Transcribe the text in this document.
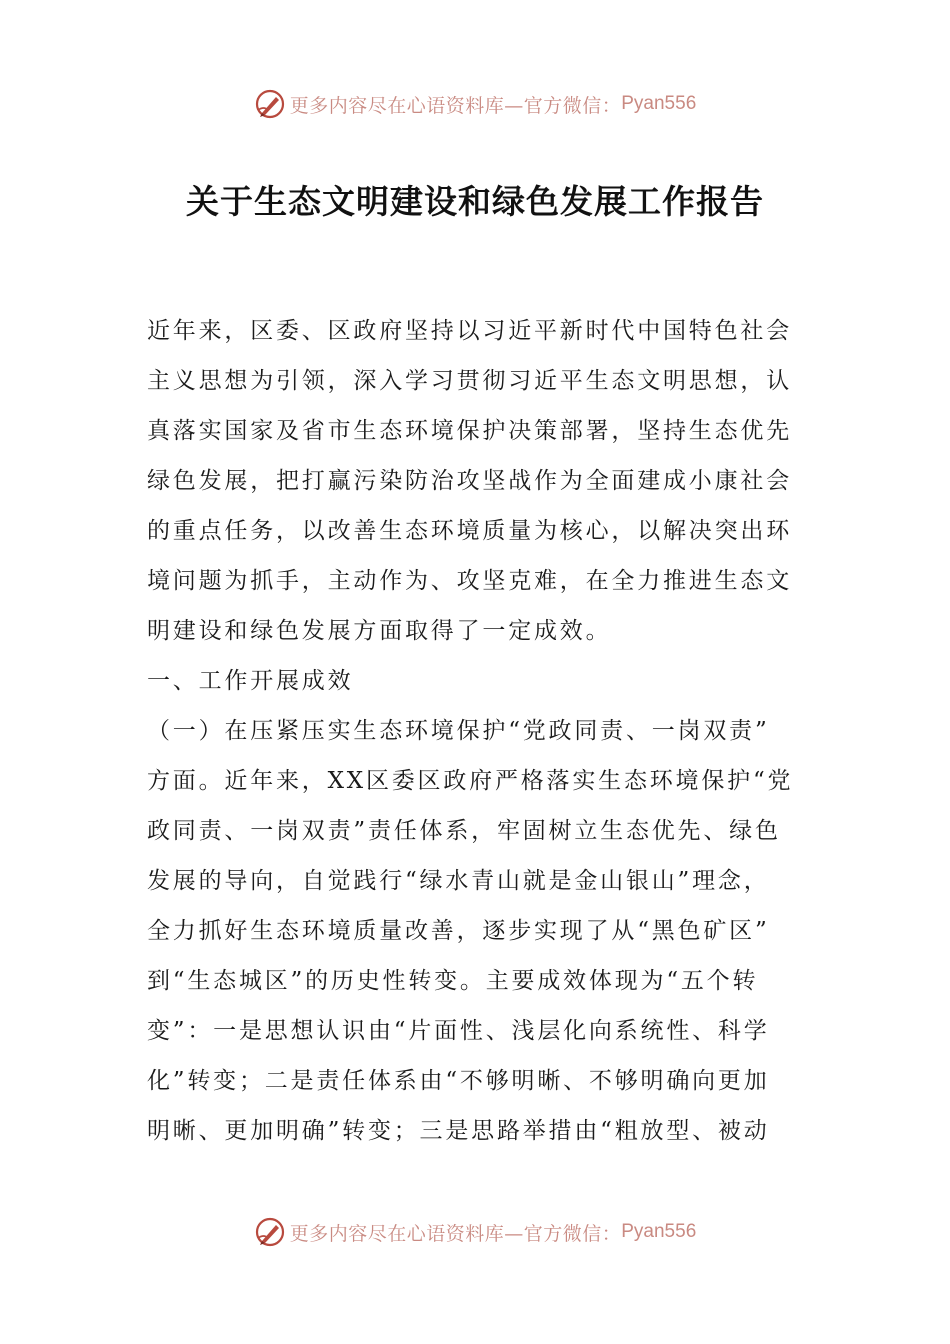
更多内容尽在心语资料库—官方微信： Pyan556
关于生态文明建设和绿色发展工作报告
近年来，区委、区政府坚持以习近平新时代中国特色社会
主义思想为引领，深入学习贯彻习近平生态文明思想，认
真落实国家及省市生态环境保护决策部署，坚持生态优先
绿色发展，把打赢污染防治攻坚战作为全面建成小康社会
的重点任务，以改善生态环境质量为核心，以解决突出环
境问题为抓手，主动作为、攻坚克难，在全力推进生态文
明建设和绿色发展方面取得了一定成效。
一、工作开展成效
（一）在压紧压实生态环境保护“党政同责、一岗双责”
方面。近年来，XX区委区政府严格落实生态环境保护“党
政同责、一岗双责”责任体系，牢固树立生态优先、绿色
发展的导向，自觉践行“绿水青山就是金山银山”理念，
全力抓好生态环境质量改善，逐步实现了从“黑色矿区”
到“生态城区”的历史性转变。主要成效体现为“五个转
变”：一是思想认识由“片面性、浅层化向系统性、科学
化”转变；二是责任体系由“不够明晰、不够明确向更加
明晰、更加明确”转变；三是思路举措由“粗放型、被动
更多内容尽在心语资料库—官方微信： Pyan556
